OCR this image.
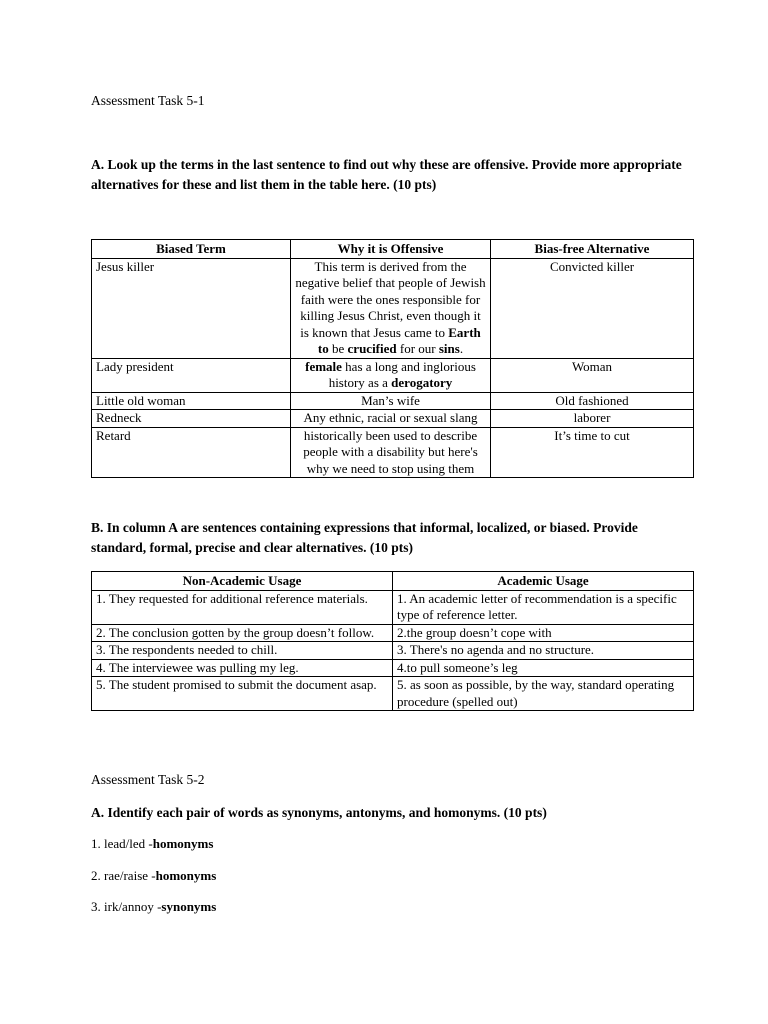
Assessment Task 5-1
A. Look up the terms in the last sentence to find out why these are offensive. Provide more appropriate alternatives for these and list them in the table here. (10 pts)
Biased Term	Why it is Offensive	Bias-free Alternative
Jesus killer	This term is derived from the negative belief that people of Jewish faith were the ones responsible for killing Jesus Christ, even though it is known that Jesus came to Earth to be crucified for our sins.	Convicted killer
Lady president	female has a long and inglorious history as a derogatory	Woman
Little old woman	Man’s wife	Old fashioned
Redneck	Any ethnic, racial or sexual slang	laborer
Retard	historically been used to describe people with a disability but here's why we need to stop using them	It’s time to cut
B. In column A are sentences containing expressions that informal, localized, or biased. Provide standard, formal, precise and clear alternatives. (10 pts)
Non-Academic Usage	Academic Usage
1. They requested for additional reference materials.	1. An academic letter of recommendation is a specific type of reference letter.
2. The conclusion gotten by the group doesn’t follow.	2.the group doesn’t cope with
3. The respondents needed to chill.	3. There's no agenda and no structure.
4. The interviewee was pulling my leg.	4.to pull someone’s leg
5. The student promised to submit the document asap.	5. as soon as possible, by the way, standard operating
procedure (spelled out)
Assessment Task 5-2
A. Identify each pair of words as synonyms, antonyms, and homonyms. (10 pts)
1. lead/led -homonyms
2. rae/raise -homonyms
3. irk/annoy -synonyms
